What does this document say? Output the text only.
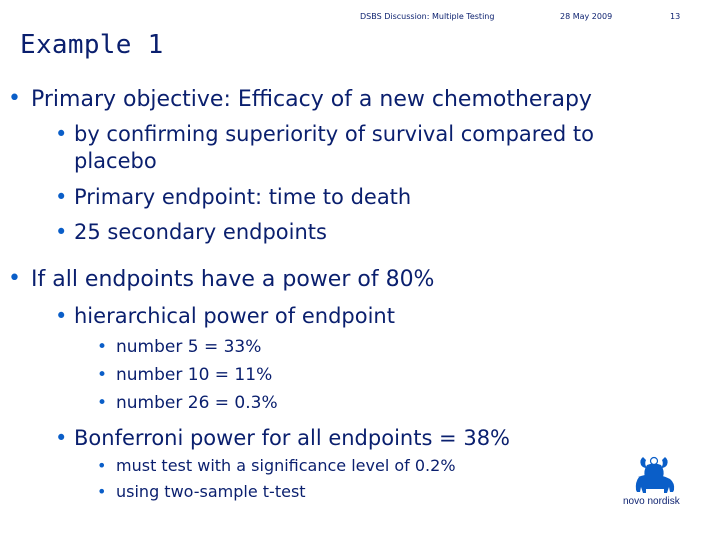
DSBS Discussion: Multiple Testing	28 May 2009	13
Example 1
• Primary objective: Efficacy of a new chemotherapy
• by confirming superiority of survival compared to
placebo
• Primary endpoint: time to death
• 25 secondary endpoints
• If all endpoints have a power of 80%
• hierarchical power of endpoint
• number 5 = 33%
• number 10 = 11%
• number 26 = 0.3%
• Bonferroni power for all endpoints = 38%
• must test with a significance level of 0.2%
• using two-sample t-test
novo nordisk
